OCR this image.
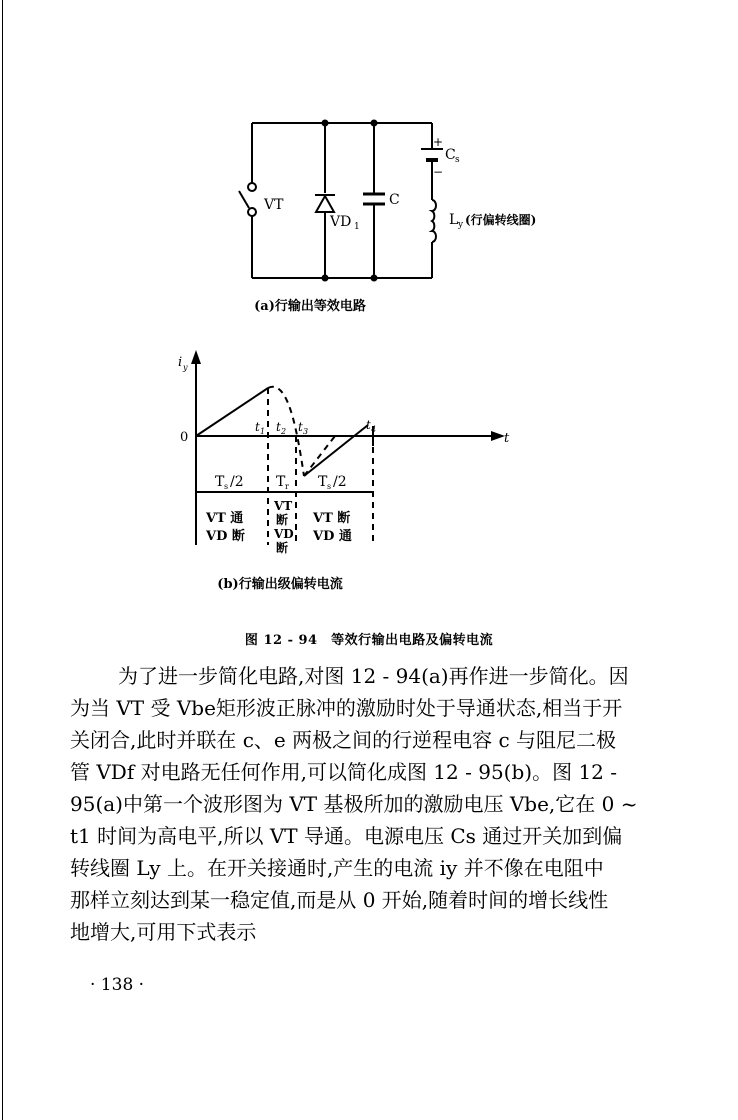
VT
VD 1
C
+
−
C s
L y (行偏转线圈)
(a)行输出等效电路
i y
0	t
t 1 t 2 t 3	t 4
T s /2 T r T s /2
VT 通
VD 断
VT
断
VD
断
VT 断
VD 通
(b)行输出级偏转电流
图 12 - 94　等效行输出电路及偏转电流
为了进一步简化电路,对图 12 - 94(a)再作进一步简化。因
为当 VT 受 Vbe矩形波正脉冲的激励时处于导通状态,相当于开
关闭合,此时并联在 c、e 两极之间的行逆程电容 c 与阻尼二极
管 VDf 对电路无任何作用,可以简化成图 12 - 95(b)。图 12 -
95(a)中第一个波形图为 VT 基极所加的激励电压 Vbe,它在 0 ~
t1 时间为高电平,所以 VT 导通。电源电压 Cs 通过开关加到偏
转线圈 Ly 上。在开关接通时,产生的电流 iy 并不像在电阻中
那样立刻达到某一稳定值,而是从 0 开始,随着时间的增长线性
地增大,可用下式表示
· 138 ·
